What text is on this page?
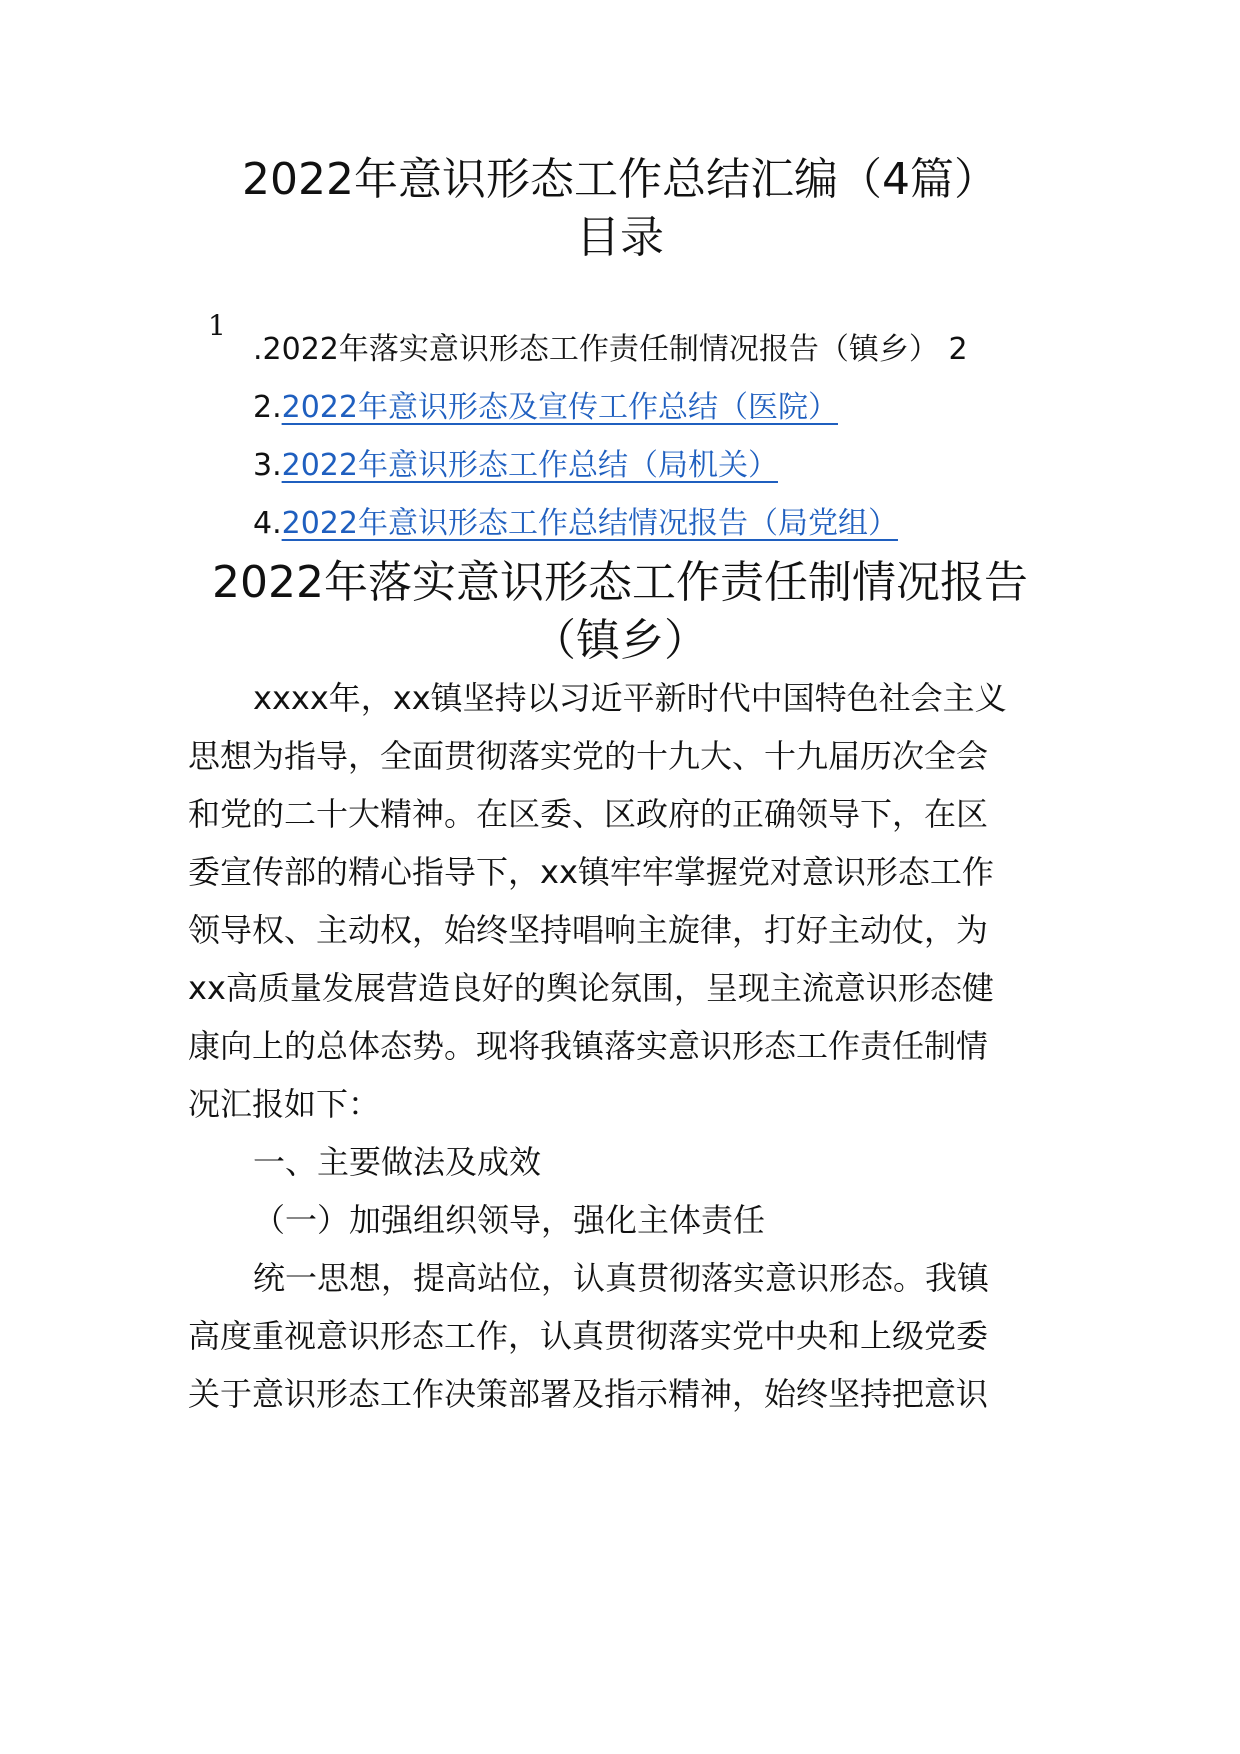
2022年意识形态工作总结汇编（4篇）
目录
1
.2022年落实意识形态工作责任制情况报告（镇乡） 2
2.2022年意识形态及宣传工作总结（医院）
3.2022年意识形态工作总结（局机关）
4.2022年意识形态工作总结情况报告（局党组）
2022年落实意识形态工作责任制情况报告
（镇乡）
xxxx年，xx镇坚持以习近平新时代中国特色社会主义
思想为指导，全面贯彻落实党的十九大、十九届历次全会
和党的二十大精神。在区委、区政府的正确领导下，在区
委宣传部的精心指导下，xx镇牢牢掌握党对意识形态工作
领导权、主动权，始终坚持唱响主旋律，打好主动仗，为
xx高质量发展营造良好的舆论氛围，呈现主流意识形态健
康向上的总体态势。现将我镇落实意识形态工作责任制情
况汇报如下：
一、主要做法及成效
（一）加强组织领导，强化主体责任
统一思想，提高站位，认真贯彻落实意识形态。我镇
高度重视意识形态工作，认真贯彻落实党中央和上级党委
关于意识形态工作决策部署及指示精神，始终坚持把意识
